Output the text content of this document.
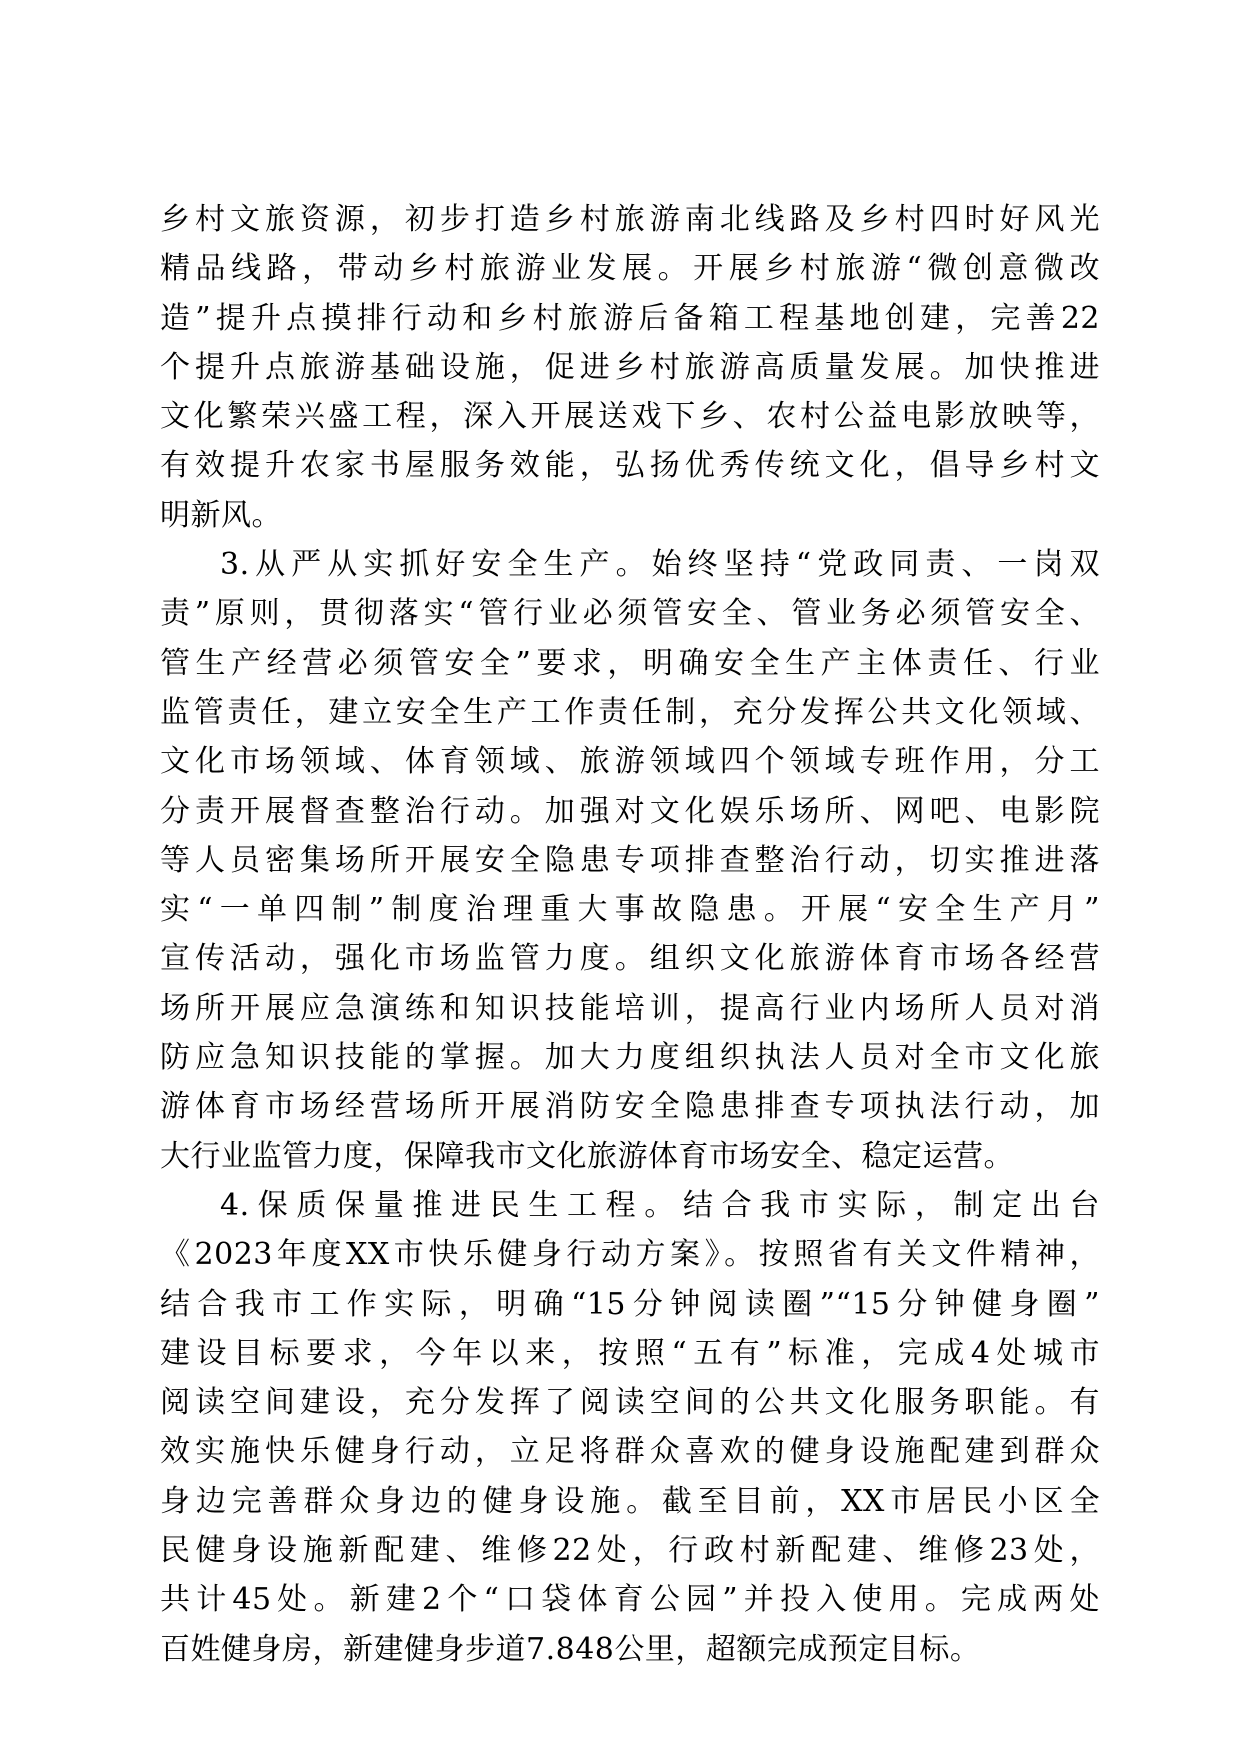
乡村文旅资源，初步打造乡村旅游南北线路及乡村四时好风光
精品线路，带动乡村旅游业发展。开展乡村旅游“微创意微改
造”提升点摸排行动和乡村旅游后备箱工程基地创建，完善22
个提升点旅游基础设施，促进乡村旅游高质量发展。加快推进
文化繁荣兴盛工程，深入开展送戏下乡、农村公益电影放映等，
有效提升农家书屋服务效能，弘扬优秀传统文化，倡导乡村文
明新风。
3.从严从实抓好安全生产。始终坚持“党政同责、一岗双
责”原则，贯彻落实“管行业必须管安全、管业务必须管安全、
管生产经营必须管安全”要求，明确安全生产主体责任、行业
监管责任，建立安全生产工作责任制，充分发挥公共文化领域、
文化市场领域、体育领域、旅游领域四个领域专班作用，分工
分责开展督查整治行动。加强对文化娱乐场所、网吧、电影院
等人员密集场所开展安全隐患专项排查整治行动，切实推进落
实“一单四制”制度治理重大事故隐患。开展“安全生产月”
宣传活动，强化市场监管力度。组织文化旅游体育市场各经营
场所开展应急演练和知识技能培训，提高行业内场所人员对消
防应急知识技能的掌握。加大力度组织执法人员对全市文化旅
游体育市场经营场所开展消防安全隐患排查专项执法行动，加
大行业监管力度，保障我市文化旅游体育市场安全、稳定运营。
4.保质保量推进民生工程。结合我市实际，制定出台
《2023年度XX市快乐健身行动方案》。按照省有关文件精神，
结合我市工作实际，明确“15分钟阅读圈”“15分钟健身圈”
建设目标要求，今年以来，按照“五有”标准，完成4处城市
阅读空间建设，充分发挥了阅读空间的公共文化服务职能。有
效实施快乐健身行动，立足将群众喜欢的健身设施配建到群众
身边完善群众身边的健身设施。截至目前，XX市居民小区全
民健身设施新配建、维修22处，行政村新配建、维修23处，
共计45处。新建2个“口袋体育公园”并投入使用。完成两处
百姓健身房，新建健身步道7.848公里，超额完成预定目标。
